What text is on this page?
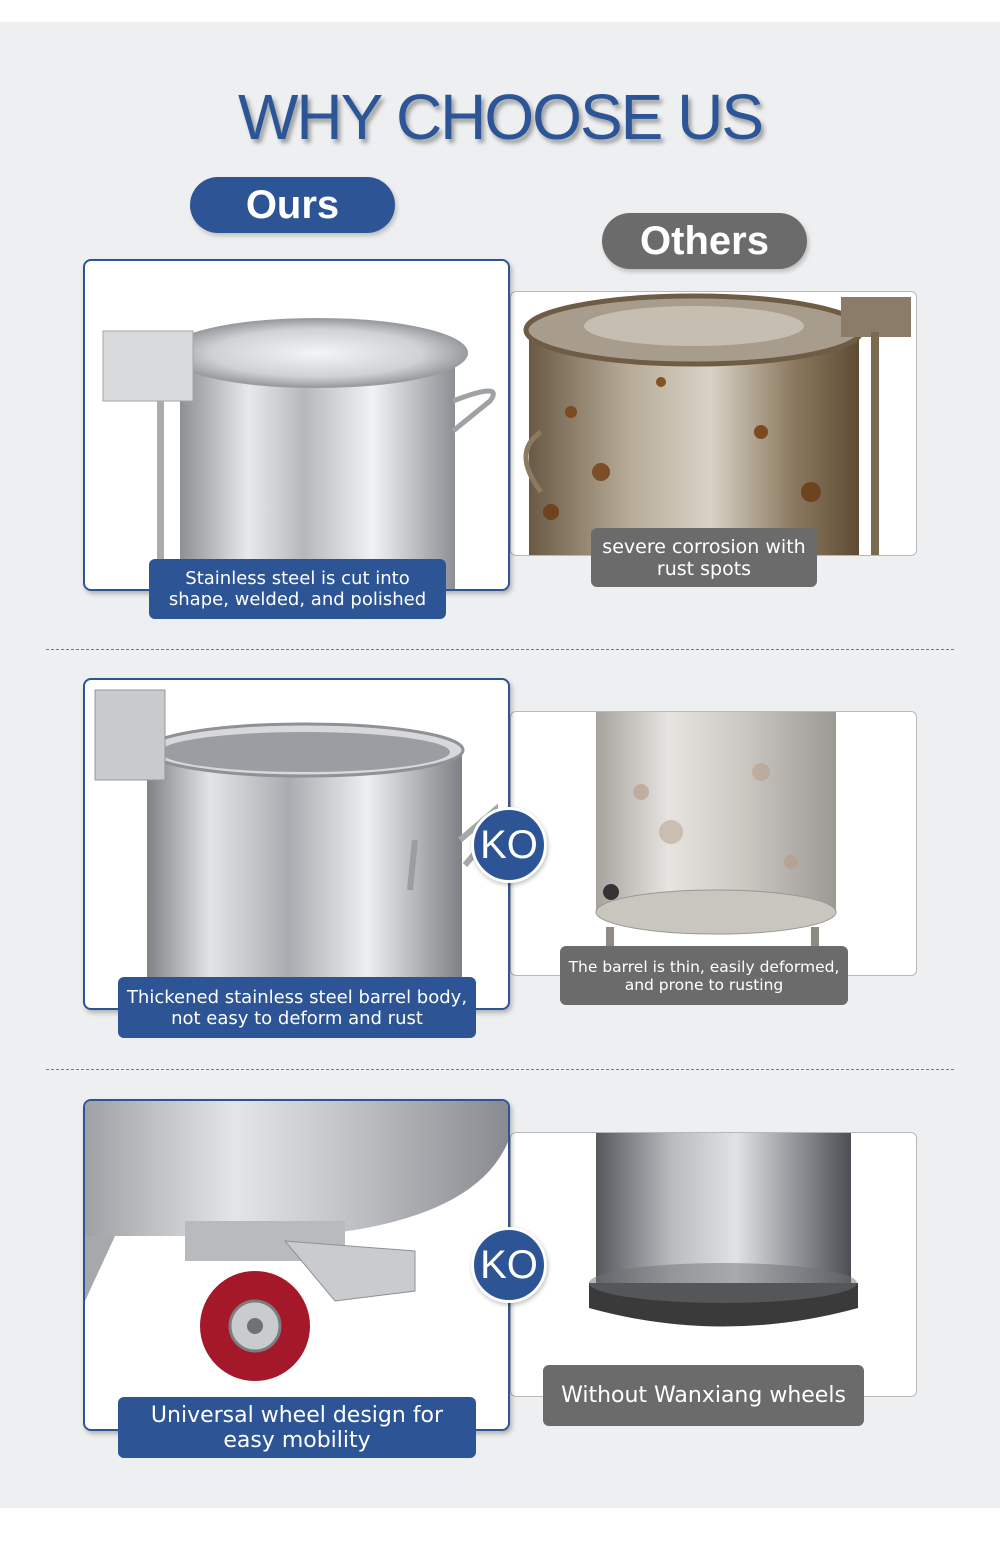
WHY CHOOSE US
Ours
Others
Stainless steel is cut into shape, welded, and polished
severe corrosion with rust spots
KO
Thickened stainless steel barrel body, not easy to deform and rust
The barrel is thin, easily deformed, and prone to rusting
KO
Universal wheel design for easy mobility
Without Wanxiang wheels
